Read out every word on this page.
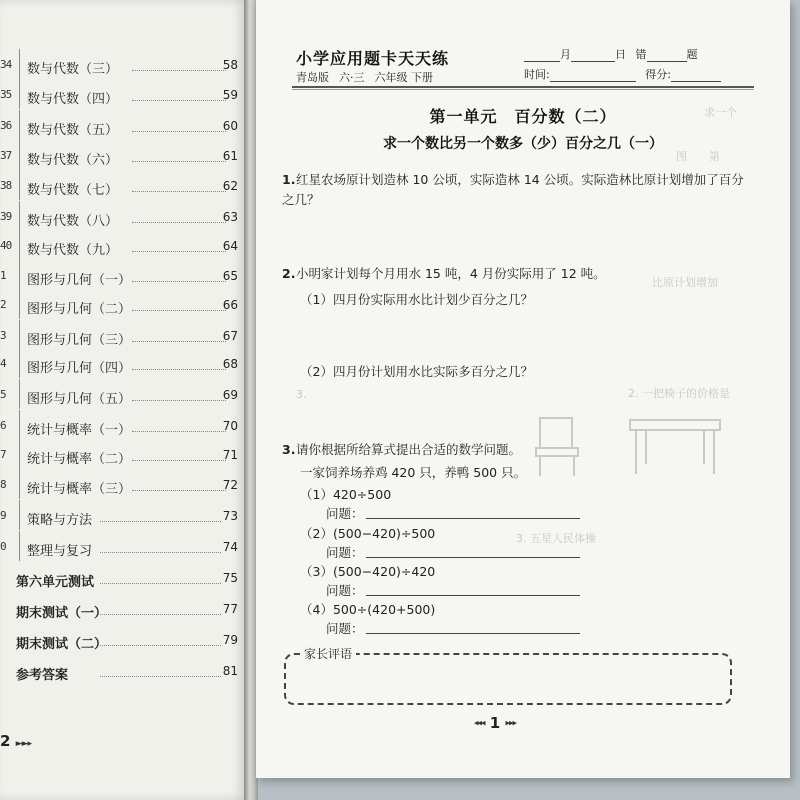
34	数与代数（三）	58
35	数与代数（四）	59
36	数与代数（五）	60
37	数与代数（六）	61
38	数与代数（七）	62
39	数与代数（八）	63
40	数与代数（九）	64
1	图形与几何（一）	65
2	图形与几何（二）	66
3	图形与几何（三）	67
4	图形与几何（四）	68
5	图形与几何（五）	69
6	统计与概率（一）	70
7	统计与概率（二）	71
8	统计与概率（三）	72
9	策略与方法	73
0	整理与复习	74
第六单元测试	75
期末测试（一）	77
期末测试（二）	79
参考答案	81
2 ►►▸
求一个
图　　第
比原计划增加
2. 一把椅子的价格是
3.　　　　　　　
3. 五星人民体操
小学应用题卡天天练
青岛版 六·三 六年级 下册
月	日 错	题
时间:	得分:
第一单元　百分数（二）
求一个数比另一个数多（少）百分之几（一）
1.红星农场原计划造林 10 公顷，实际造林 14 公顷。实际造林比原计划增加了百分之几？
2.小明家计划每个月用水 15 吨，4 月份实际用了 12 吨。
（1）四月份实际用水比计划少百分之几？
（2）四月份计划用水比实际多百分之几？
3.请你根据所给算式提出合适的数学问题。
一家饲养场养鸡 420 只，养鸭 500 只。
（1）420÷500
问题：
（2）(500−420)÷500
问题：
（3）(500−420)÷420
问题：
（4）500÷(420+500)
问题：
家长评语
◂◂◂ 1 ▸▸▸
